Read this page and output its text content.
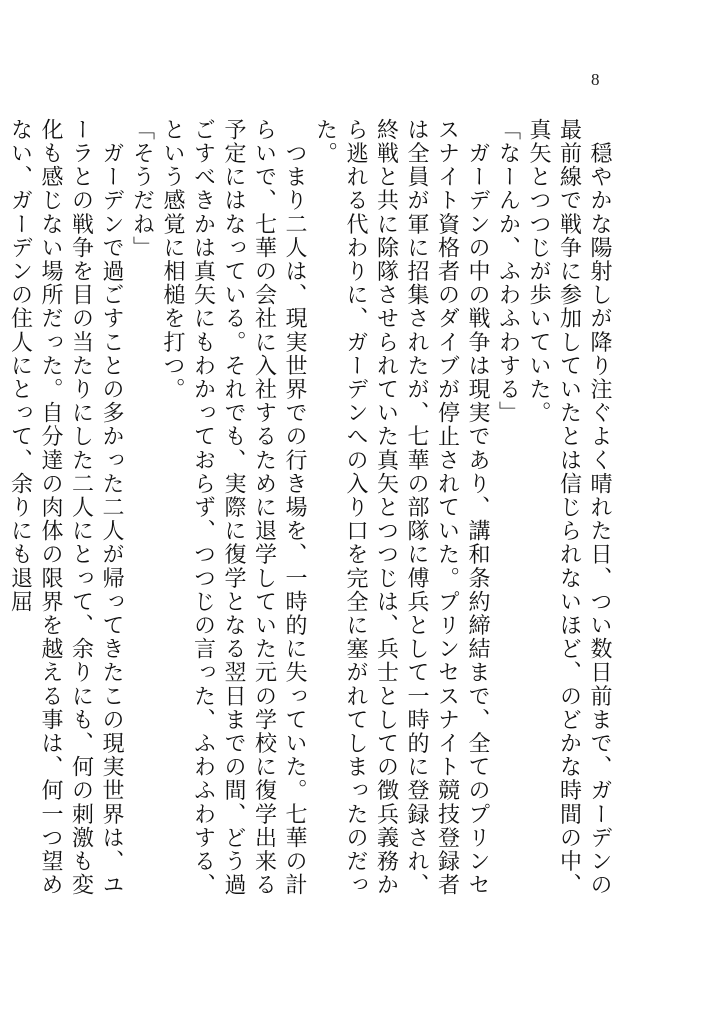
8

　穏やかな陽射しが降り注ぐよく晴れた日、つい数日前まで、ガーデンの最前線で戦争に参加していたとは信じられないほど、のどかな時間の中、真矢とつつじが歩いていた。

「なーんか、ふわふわする」

　ガーデンの中の戦争は現実であり、講和条約締結まで、全てのプリンセスナイト資格者のダイブが停止されていた。プリンセスナイト競技登録者は全員が軍に招集されたが、七華の部隊に傅兵として一時的に登録され、終戦と共に除隊させられていた真矢とつつじは、兵士としての徴兵義務から逃れる代わりに、ガーデンへの入り口を完全に塞がれてしまったのだった。

　つまり二人は、現実世界での行き場を、一時的に失っていた。七華の計らいで、七華の会社に入社するために退学していた元の学校に復学出来る予定にはなっている。それでも、実際に復学となる翌日までの間、どう過ごすべきかは真矢にもわかっておらず、つつじの言った、ふわふわする、という感覚に相槌を打つ。

「そうだね」

　ガーデンで過ごすことの多かった二人が帰ってきたこの現実世界は、ユーラとの戦争を目の当たりにした二人にとって、余りにも、何の刺激も変化も感じない場所だった。自分達の肉体の限界を越える事は、何一つ望めない、ガーデンの住人にとって、余りにも退屈
